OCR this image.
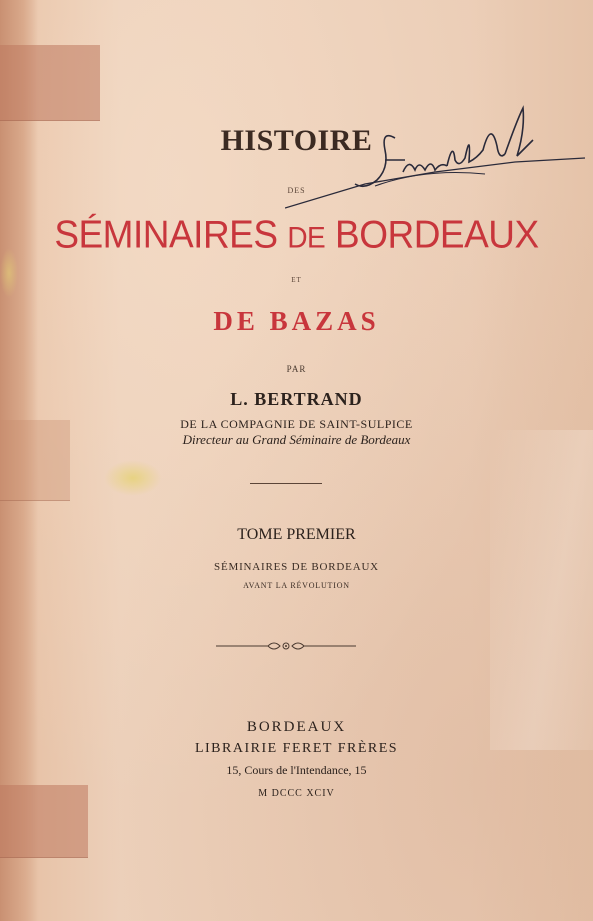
HISTOIRE
DES
SÉMINAIRES DE BORDEAUX
ET
DE BAZAS
PAR
L. BERTRAND
DE LA COMPAGNIE DE SAINT-SULPICE
Directeur au Grand Séminaire de Bordeaux
TOME PREMIER
SÉMINAIRES DE BORDEAUX
AVANT LA RÉVOLUTION
BORDEAUX
LIBRAIRIE FERET FRÈRES
15, Cours de l'Intendance, 15
M DCCC XCIV
